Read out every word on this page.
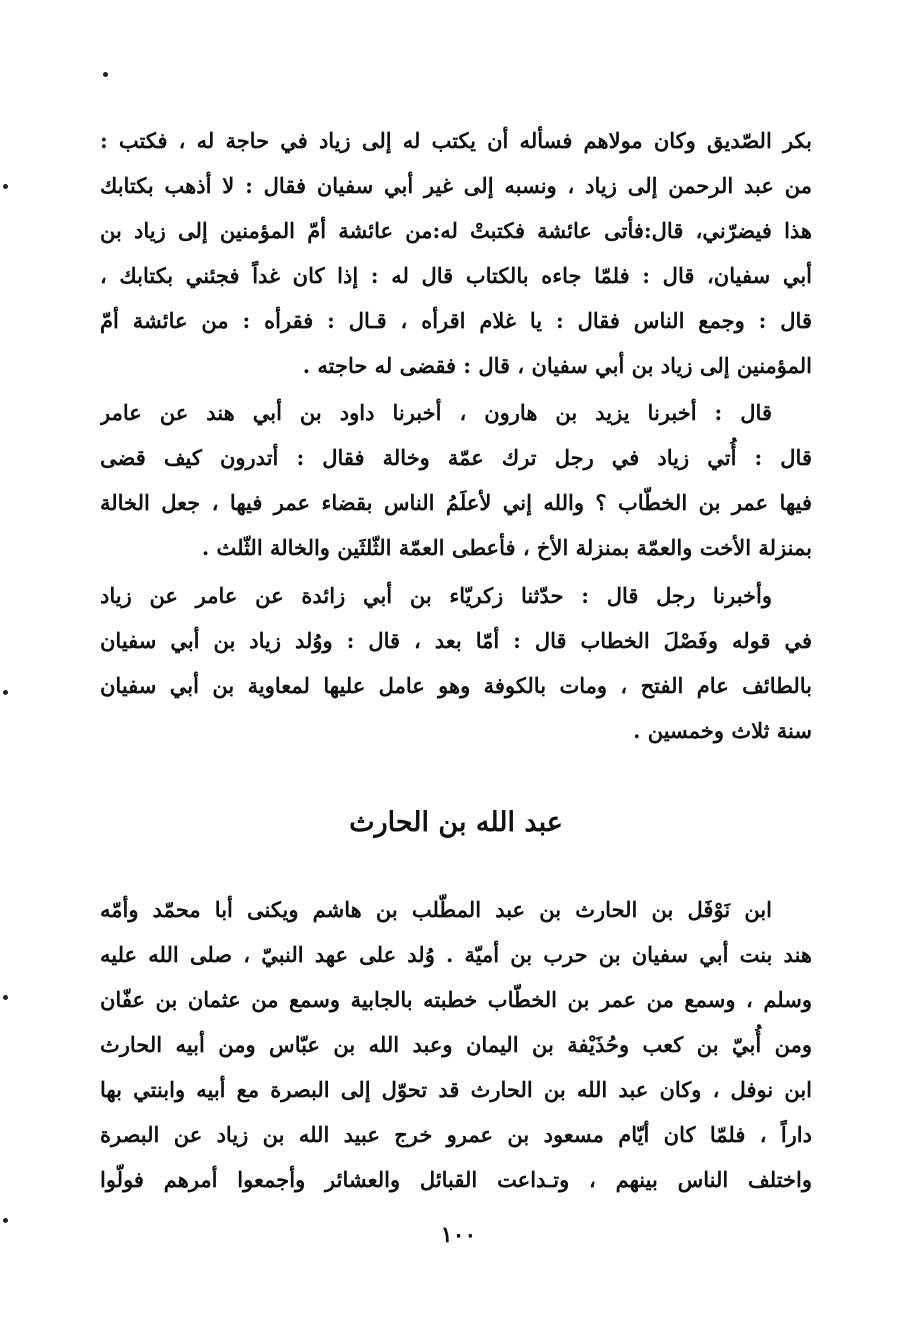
بكر الصّديق وكان مولاهم فسأله أن يكتب له إلى زياد في حاجة له ، فكتب :
من عبد الرحمن إلى زياد ، ونسبه إلى غير أبي سفيان فقال : لا أذهب بكتابك
هذا فيضرّني، قال:فأتى عائشة فكتبتْ له:من عائشة أمّ المؤمنين إلى زياد بن
أبي سفيان، قال : فلمّا جاءه بالكتاب قال له : إذا كان غداً فجئني بكتابك ،
قال : وجمع الناس فقال : يا غلام اقرأه ، قـال : فقرأه : من عائشة أمّ
المؤمنين إلى زياد بن أبي سفيان ، قال : فقضى له حاجته .
قال : أخبرنا يزيد بن هارون ، أخبرنا داود بن أبي هند عن عامر
قال : أُتي زياد في رجل ترك عمّة وخالة فقال : أتدرون كيف قضى
فيها عمر بن الخطّاب ؟ والله إني لأعلَمُ الناس بقضاء عمر فيها ، جعل الخالة
بمنزلة الأخت والعمّة بمنزلة الأخ ، فأعطى العمّة الثّلثَين والخالة الثّلث .
وأخبرنا رجل قال : حدّثنا زكريّاء بن أبي زائدة عن عامر عن زياد
في قوله وفَصْلَ الخطاب قال : أمّا بعد ، قال : ووُلد زياد بن أبي سفيان
بالطائف عام الفتح ، ومات بالكوفة وهو عامل عليها لمعاوية بن أبي سفيان
سنة ثلاث وخمسين .
عبد الله بن الحارث
ابن نَوْفَل بن الحارث بن عبد المطّلب بن هاشم ويكنى أبا محمّد وأمّه
هند بنت أبي سفيان بن حرب بن أميّة . وُلد على عهد النبيّ ، صلى الله عليه
وسلم ، وسمع من عمر بن الخطّاب خطبته بالجابية وسمع من عثمان بن عفّان
ومن أُبيّ بن كعب وحُذَيْفة بن اليمان وعبد الله بن عبّاس ومن أبيه الحارث
ابن نوفل ، وكان عبد الله بن الحارث قد تحوّل إلى البصرة مع أبيه وابنتي بها
داراً ، فلمّا كان أيّام مسعود بن عمرو خرج عبيد الله بن زياد عن البصرة
واختلف الناس بينهم ، وتـداعت القبائل والعشائر وأجمعوا أمرهم فولّوا
١٠٠
